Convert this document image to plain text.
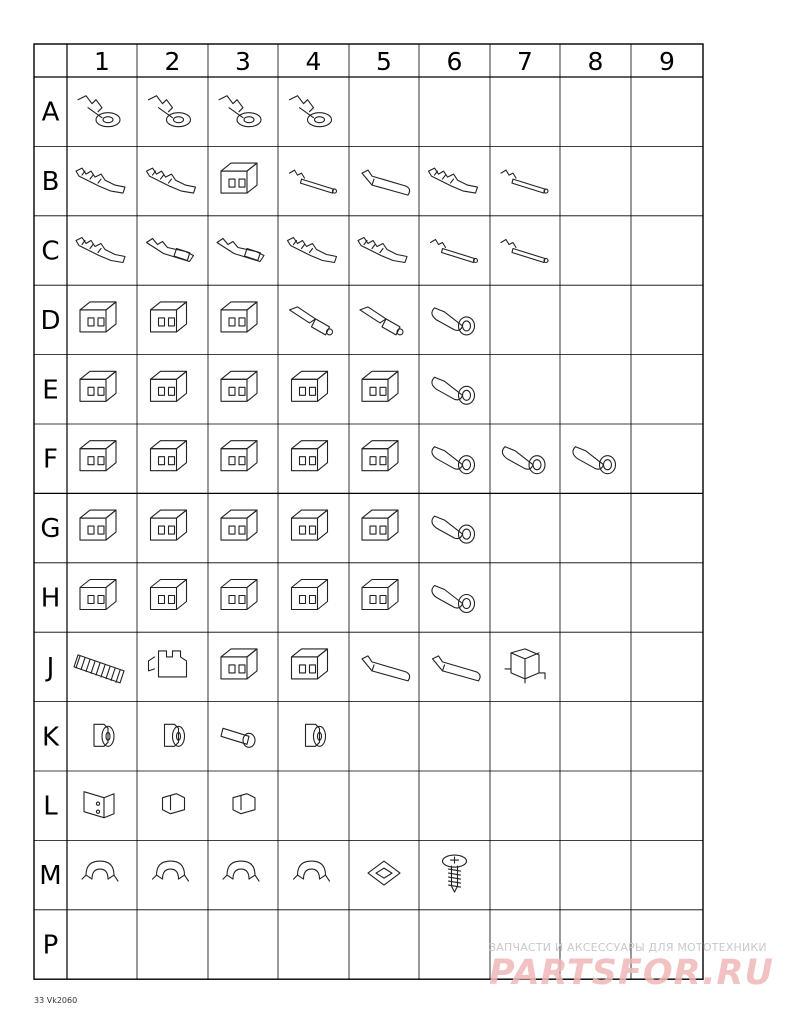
1 2 3 4 5 6 7 8 9
A
B
C
D
E
F
G
H
J
K
L
M
P
33 Vk2060
ЗАПЧАСТИ И АКСЕССУАРЫ ДЛЯ МОТОТЕХНИКИ
PARTSFOR.RU
